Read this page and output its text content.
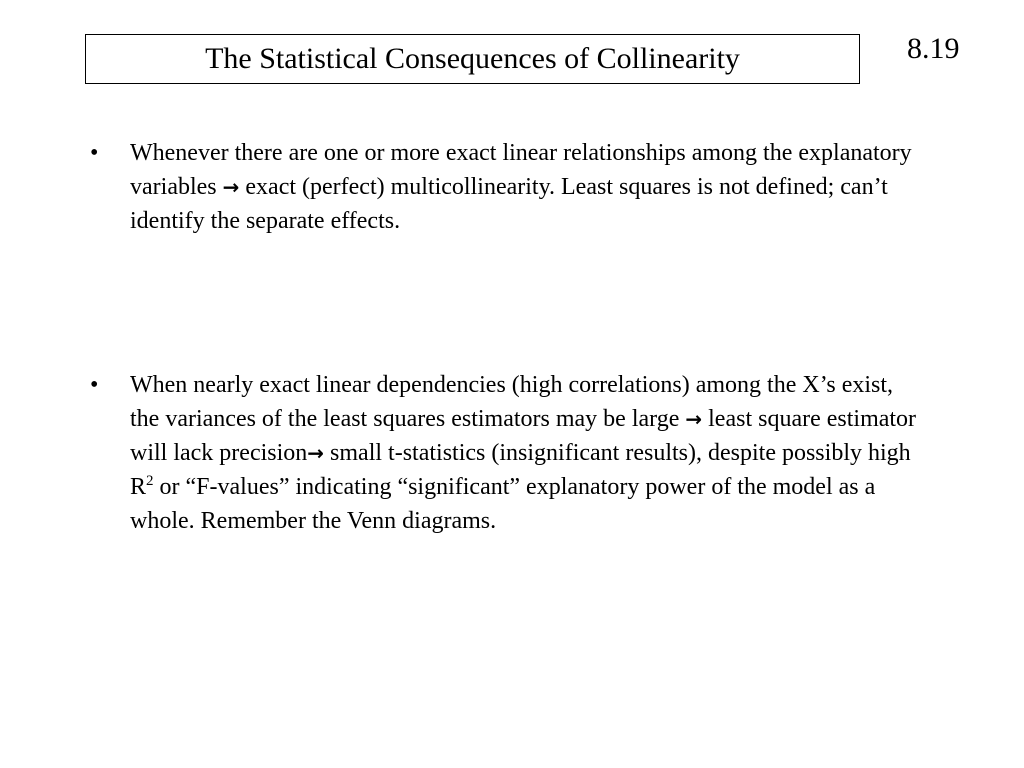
The Statistical Consequences of Collinearity	8.19
• Whenever there are one or more exact linear relationships among the explanatory variables → exact (perfect) multicollinearity. Least squares is not defined; can’t identify the separate effects.
• When nearly exact linear dependencies (high correlations) among the X’s exist, the variances of the least squares estimators may be large → least square estimator will lack precision→ small t-statistics (insignificant results), despite possibly high $R^2$ or “F-values” indicating “significant” explanatory power of the model as a whole. Remember the Venn diagrams.
